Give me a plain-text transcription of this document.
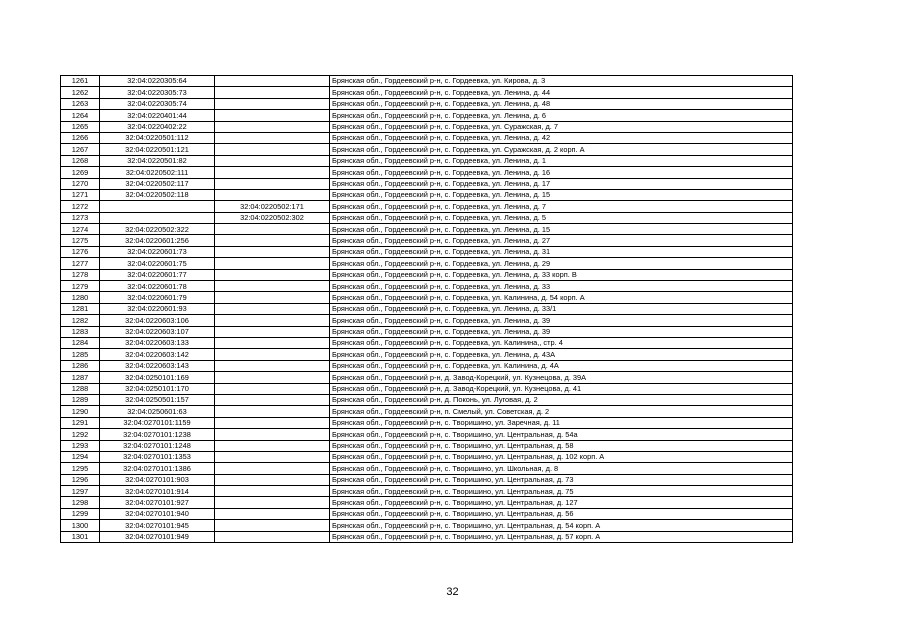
1261	32:04:0220305:64		Брянская обл., Гордеевский р-н, с. Гордеевка, ул. Кирова, д. 3
1262	32:04:0220305:73		Брянская обл., Гордеевский р-н, с. Гордеевка, ул. Ленина, д. 44
1263	32:04:0220305:74		Брянская обл., Гордеевский р-н, с. Гордеевка, ул. Ленина, д. 48
1264	32:04:0220401:44		Брянская обл., Гордеевский р-н, с. Гордеевка, ул. Ленина, д. 6
1265	32:04:0220402:22		Брянская обл., Гордеевский р-н, с. Гордеевка, ул. Суражская, д. 7
1266	32:04:0220501:112		Брянская обл., Гордеевский р-н, с. Гордеевка, ул. Ленина, д. 42
1267	32:04:0220501:121		Брянская обл., Гордеевский р-н, с. Гордеевка, ул. Суражская, д. 2 корп. А
1268	32:04:0220501:82		Брянская обл., Гордеевский р-н, с. Гордеевка, ул. Ленина, д. 1
1269	32:04:0220502:111		Брянская обл., Гордеевский р-н, с. Гордеевка, ул. Ленина, д. 16
1270	32:04:0220502:117		Брянская обл., Гордеевский р-н, с. Гордеевка, ул. Ленина, д. 17
1271	32:04:0220502:118		Брянская обл., Гордеевский р-н, с. Гордеевка, ул. Ленина, д. 15
1272		32:04:0220502:171	Брянская обл., Гордеевский р-н, с. Гордеевка, ул. Ленина, д. 7
1273		32:04:0220502:302	Брянская обл., Гордеевский р-н, с. Гордеевка, ул. Ленина, д. 5
1274	32:04:0220502:322		Брянская обл., Гордеевский р-н, с. Гордеевка, ул. Ленина, д. 15
1275	32:04:0220601:256		Брянская обл., Гордеевский р-н, с. Гордеевка, ул. Ленина, д. 27
1276	32:04:0220601:73		Брянская обл., Гордеевский р-н, с. Гордеевка, ул. Ленина, д. 31
1277	32:04:0220601:75		Брянская обл., Гордеевский р-н, с. Гордеевка, ул. Ленина, д. 29
1278	32:04:0220601:77		Брянская обл., Гордеевский р-н, с. Гордеевка, ул. Ленина, д. 33 корп. В
1279	32:04:0220601:78		Брянская обл., Гордеевский р-н, с. Гордеевка, ул. Ленина, д. 33
1280	32:04:0220601:79		Брянская обл., Гордеевский р-н, с. Гордеевка, ул. Калинина, д. 54 корп. А
1281	32:04:0220601:93		Брянская обл., Гордеевский р-н, с. Гордеевка, ул. Ленина, д. 33/1
1282	32:04:0220603:106		Брянская обл., Гордеевский р-н, с. Гордеевка, ул. Ленина, д. 39
1283	32:04:0220603:107		Брянская обл., Гордеевский р-н, с. Гордеевка, ул. Ленина, д. 39
1284	32:04:0220603:133		Брянская обл., Гордеевский р-н, с. Гордеевка, ул. Калинина,, стр. 4
1285	32:04:0220603:142		Брянская обл., Гордеевский р-н, с. Гордеевка, ул. Ленина, д. 43А
1286	32:04:0220603:143		Брянская обл., Гордеевский р-н, с. Гордеевка, ул. Калинина, д. 4А
1287	32:04:0250101:169		Брянская обл., Гордеевский р-н, д. Завод-Корецкий, ул. Кузнецова, д. 39А
1288	32:04:0250101:170		Брянская обл., Гордеевский р-н, д. Завод-Корецкий, ул. Кузнецова, д. 41
1289	32:04:0250501:157		Брянская обл., Гордеевский р-н, д. Поконь, ул. Луговая, д. 2
1290	32:04:0250601:63		Брянская обл., Гордеевский р-н, п. Смелый, ул. Советская, д. 2
1291	32:04:0270101:1159		Брянская обл., Гордеевский р-н, с. Творишино, ул. Заречная, д. 11
1292	32:04:0270101:1238		Брянская обл., Гордеевский р-н, с. Творишино, ул. Центральная, д. 54а
1293	32:04:0270101:1248		Брянская обл., Гордеевский р-н, с. Творишино, ул. Центральная, д. 58
1294	32:04:0270101:1353		Брянская обл., Гордеевский р-н, с. Творишино, ул. Центральная, д. 102 корп. А
1295	32:04:0270101:1386		Брянская обл., Гордеевский р-н, с. Творишино, ул. Школьная, д. 8
1296	32:04:0270101:903		Брянская обл., Гордеевский р-н, с. Творишино, ул. Центральная, д. 73
1297	32:04:0270101:914		Брянская обл., Гордеевский р-н, с. Творишино, ул. Центральная, д. 75
1298	32:04:0270101:927		Брянская обл., Гордеевский р-н, с. Творишино, ул. Центральная, д. 127
1299	32:04:0270101:940		Брянская обл., Гордеевский р-н, с. Творишино, ул. Центральная, д. 56
1300	32:04:0270101:945		Брянская обл., Гордеевский р-н, с. Творишино, ул. Центральная, д. 54 корп. А
1301	32:04:0270101:949		Брянская обл., Гордеевский р-н, с. Творишино, ул. Центральная, д. 57 корп. А
32
